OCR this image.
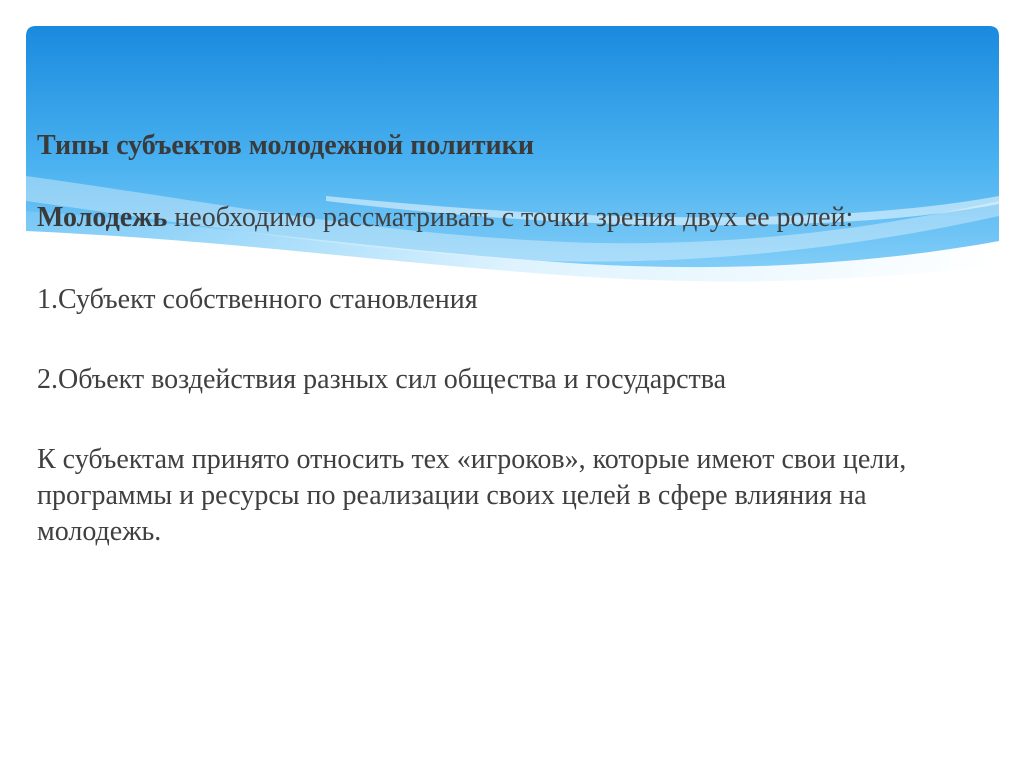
Типы субъектов молодежной политики

Молодежь необходимо рассматривать с точки зрения двух ее ролей:

1.Субъект собственного становления

2.Объект воздействия разных сил общества и государства

К субъектам принято относить тех «игроков», которые имеют свои цели, программы и ресурсы по реализации своих целей в сфере влияния на молодежь.
